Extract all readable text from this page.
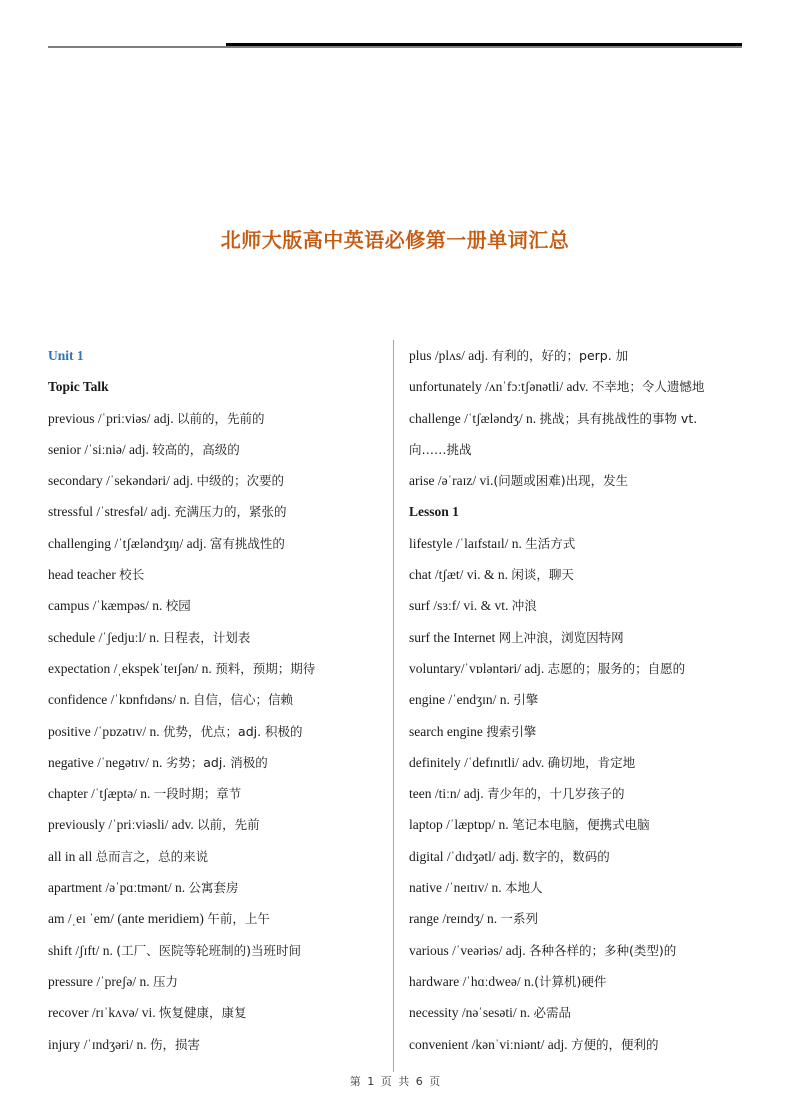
北师大版高中英语必修第一册单词汇总
Unit 1
Topic Talk
previous /ˈpriːviəs/ adj. 以前的，先前的
senior /ˈsiːniə/ adj. 较高的，高级的
secondary /ˈsekəndəri/ adj. 中级的；次要的
stressful /ˈstresfəl/ adj. 充满压力的，紧张的
challenging /ˈtʃæləndʒɪŋ/ adj. 富有挑战性的
head teacher 校长
campus /ˈkæmpəs/ n. 校园
schedule /ˈʃedjuːl/ n. 日程表，计划表
expectation /ˌekspekˈteɪʃən/ n. 预料，预期；期待
confidence /ˈkɒnfɪdəns/ n. 自信，信心；信赖
positive /ˈpɒzətɪv/ n. 优势，优点；adj. 积极的
negative /ˈnegətɪv/ n. 劣势；adj. 消极的
chapter /ˈtʃæptə/ n. 一段时期；章节
previously /ˈpriːviəsli/ adv. 以前，先前
all in all 总而言之，总的来说
apartment /əˈpɑːtmənt/ n. 公寓套房
am /ˌeɪ ˈem/ (ante meridiem) 午前，上午
shift /ʃɪft/ n. (工厂、医院等轮班制的)当班时间
pressure /ˈpreʃə/ n. 压力
recover /rɪˈkʌvə/ vi. 恢复健康，康复
injury /ˈɪndʒəri/ n. 伤，损害
plus /plʌs/ adj. 有利的，好的；perp. 加
unfortunately /ʌnˈfɔːtʃənətli/ adv. 不幸地；令人遗憾地
challenge /ˈtʃæləndʒ/ n. 挑战；具有挑战性的事物 vt.
向……挑战
arise /əˈraɪz/ vi.(问题或困难)出现，发生
Lesson 1
lifestyle /ˈlaɪfstaɪl/ n. 生活方式
chat /tʃæt/ vi. & n. 闲谈，聊天
surf /sɜːf/ vi. & vt. 冲浪
surf the Internet 网上冲浪，浏览因特网
voluntary/ˈvɒləntəri/ adj. 志愿的；服务的；自愿的
engine /ˈendʒɪn/ n. 引擎
search engine 搜索引擎
definitely /ˈdefɪnɪtli/ adv. 确切地，肯定地
teen /tiːn/ adj. 青少年的，十几岁孩子的
laptop /ˈlæptɒp/ n. 笔记本电脑，便携式电脑
digital /ˈdɪdʒətl/ adj. 数字的，数码的
native /ˈneɪtɪv/ n. 本地人
range /reɪndʒ/ n. 一系列
various /ˈveəriəs/ adj. 各种各样的；多种(类型)的
hardware /ˈhɑːdweə/ n.(计算机)硬件
necessity /nəˈsesəti/ n. 必需品
convenient /kənˈviːniənt/ adj. 方便的，便利的
第 1 页 共 6 页
